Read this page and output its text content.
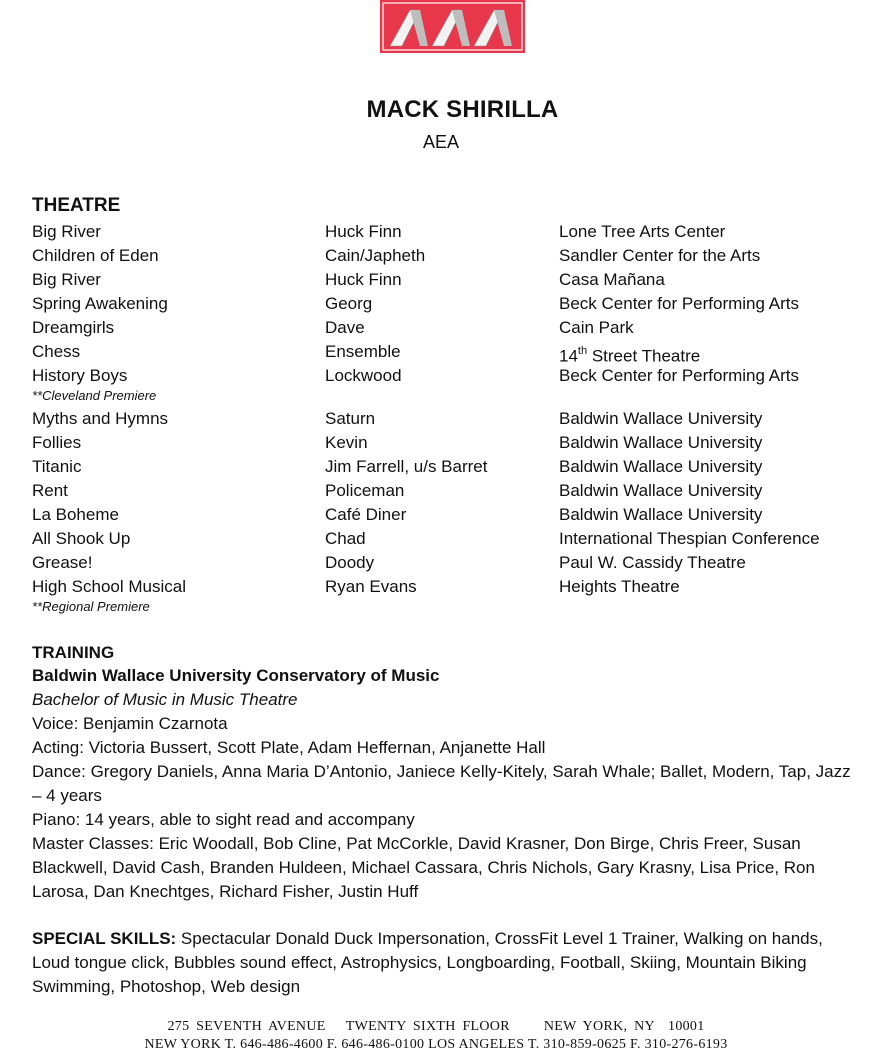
MACK SHIRILLA
AEA
THEATRE
Big River	Huck Finn	Lone Tree Arts Center
Children of Eden	Cain/Japheth	Sandler Center for the Arts
Big River	Huck Finn	Casa Mañana
Spring Awakening	Georg	Beck Center for Performing Arts
Dreamgirls	Dave	Cain Park
Chess	Ensemble	14th Street Theatre
History Boys	Lockwood	Beck Center for Performing Arts
**Cleveland Premiere
Myths and Hymns	Saturn	Baldwin Wallace University
Follies	Kevin	Baldwin Wallace University
Titanic	Jim Farrell, u/s Barret	Baldwin Wallace University
Rent	Policeman	Baldwin Wallace University
La Boheme	Café Diner	Baldwin Wallace University
All Shook Up	Chad	International Thespian Conference
Grease!	Doody	Paul W. Cassidy Theatre
High School Musical	Ryan Evans	Heights Theatre
**Regional Premiere
TRAINING
Baldwin Wallace University Conservatory of Music
Bachelor of Music in Music Theatre
Voice: Benjamin Czarnota
Acting: Victoria Bussert, Scott Plate, Adam Heffernan, Anjanette Hall
Dance: Gregory Daniels, Anna Maria D’Antonio, Janiece Kelly-Kitely, Sarah Whale; Ballet, Modern, Tap, Jazz – 4 years
Piano: 14 years, able to sight read and accompany
Master Classes: Eric Woodall, Bob Cline, Pat McCorkle, David Krasner, Don Birge, Chris Freer, Susan Blackwell, David Cash, Branden Huldeen, Michael Cassara, Chris Nichols, Gary Krasny, Lisa Price, Ron Larosa, Dan Knechtges, Richard Fisher, Justin Huff
SPECIAL SKILLS: Spectacular Donald Duck Impersonation, CrossFit Level 1 Trainer, Walking on hands, Loud tongue click, Bubbles sound effect, Astrophysics, Longboarding, Football, Skiing, Mountain Biking Swimming, Photoshop, Web design
275 SEVENTH AVENUE   TWENTY SIXTH FLOOR     NEW YORK, NY  10001
NEW YORK T. 646-486-4600 F. 646-486-0100 LOS ANGELES T. 310-859-0625 F. 310-276-6193
